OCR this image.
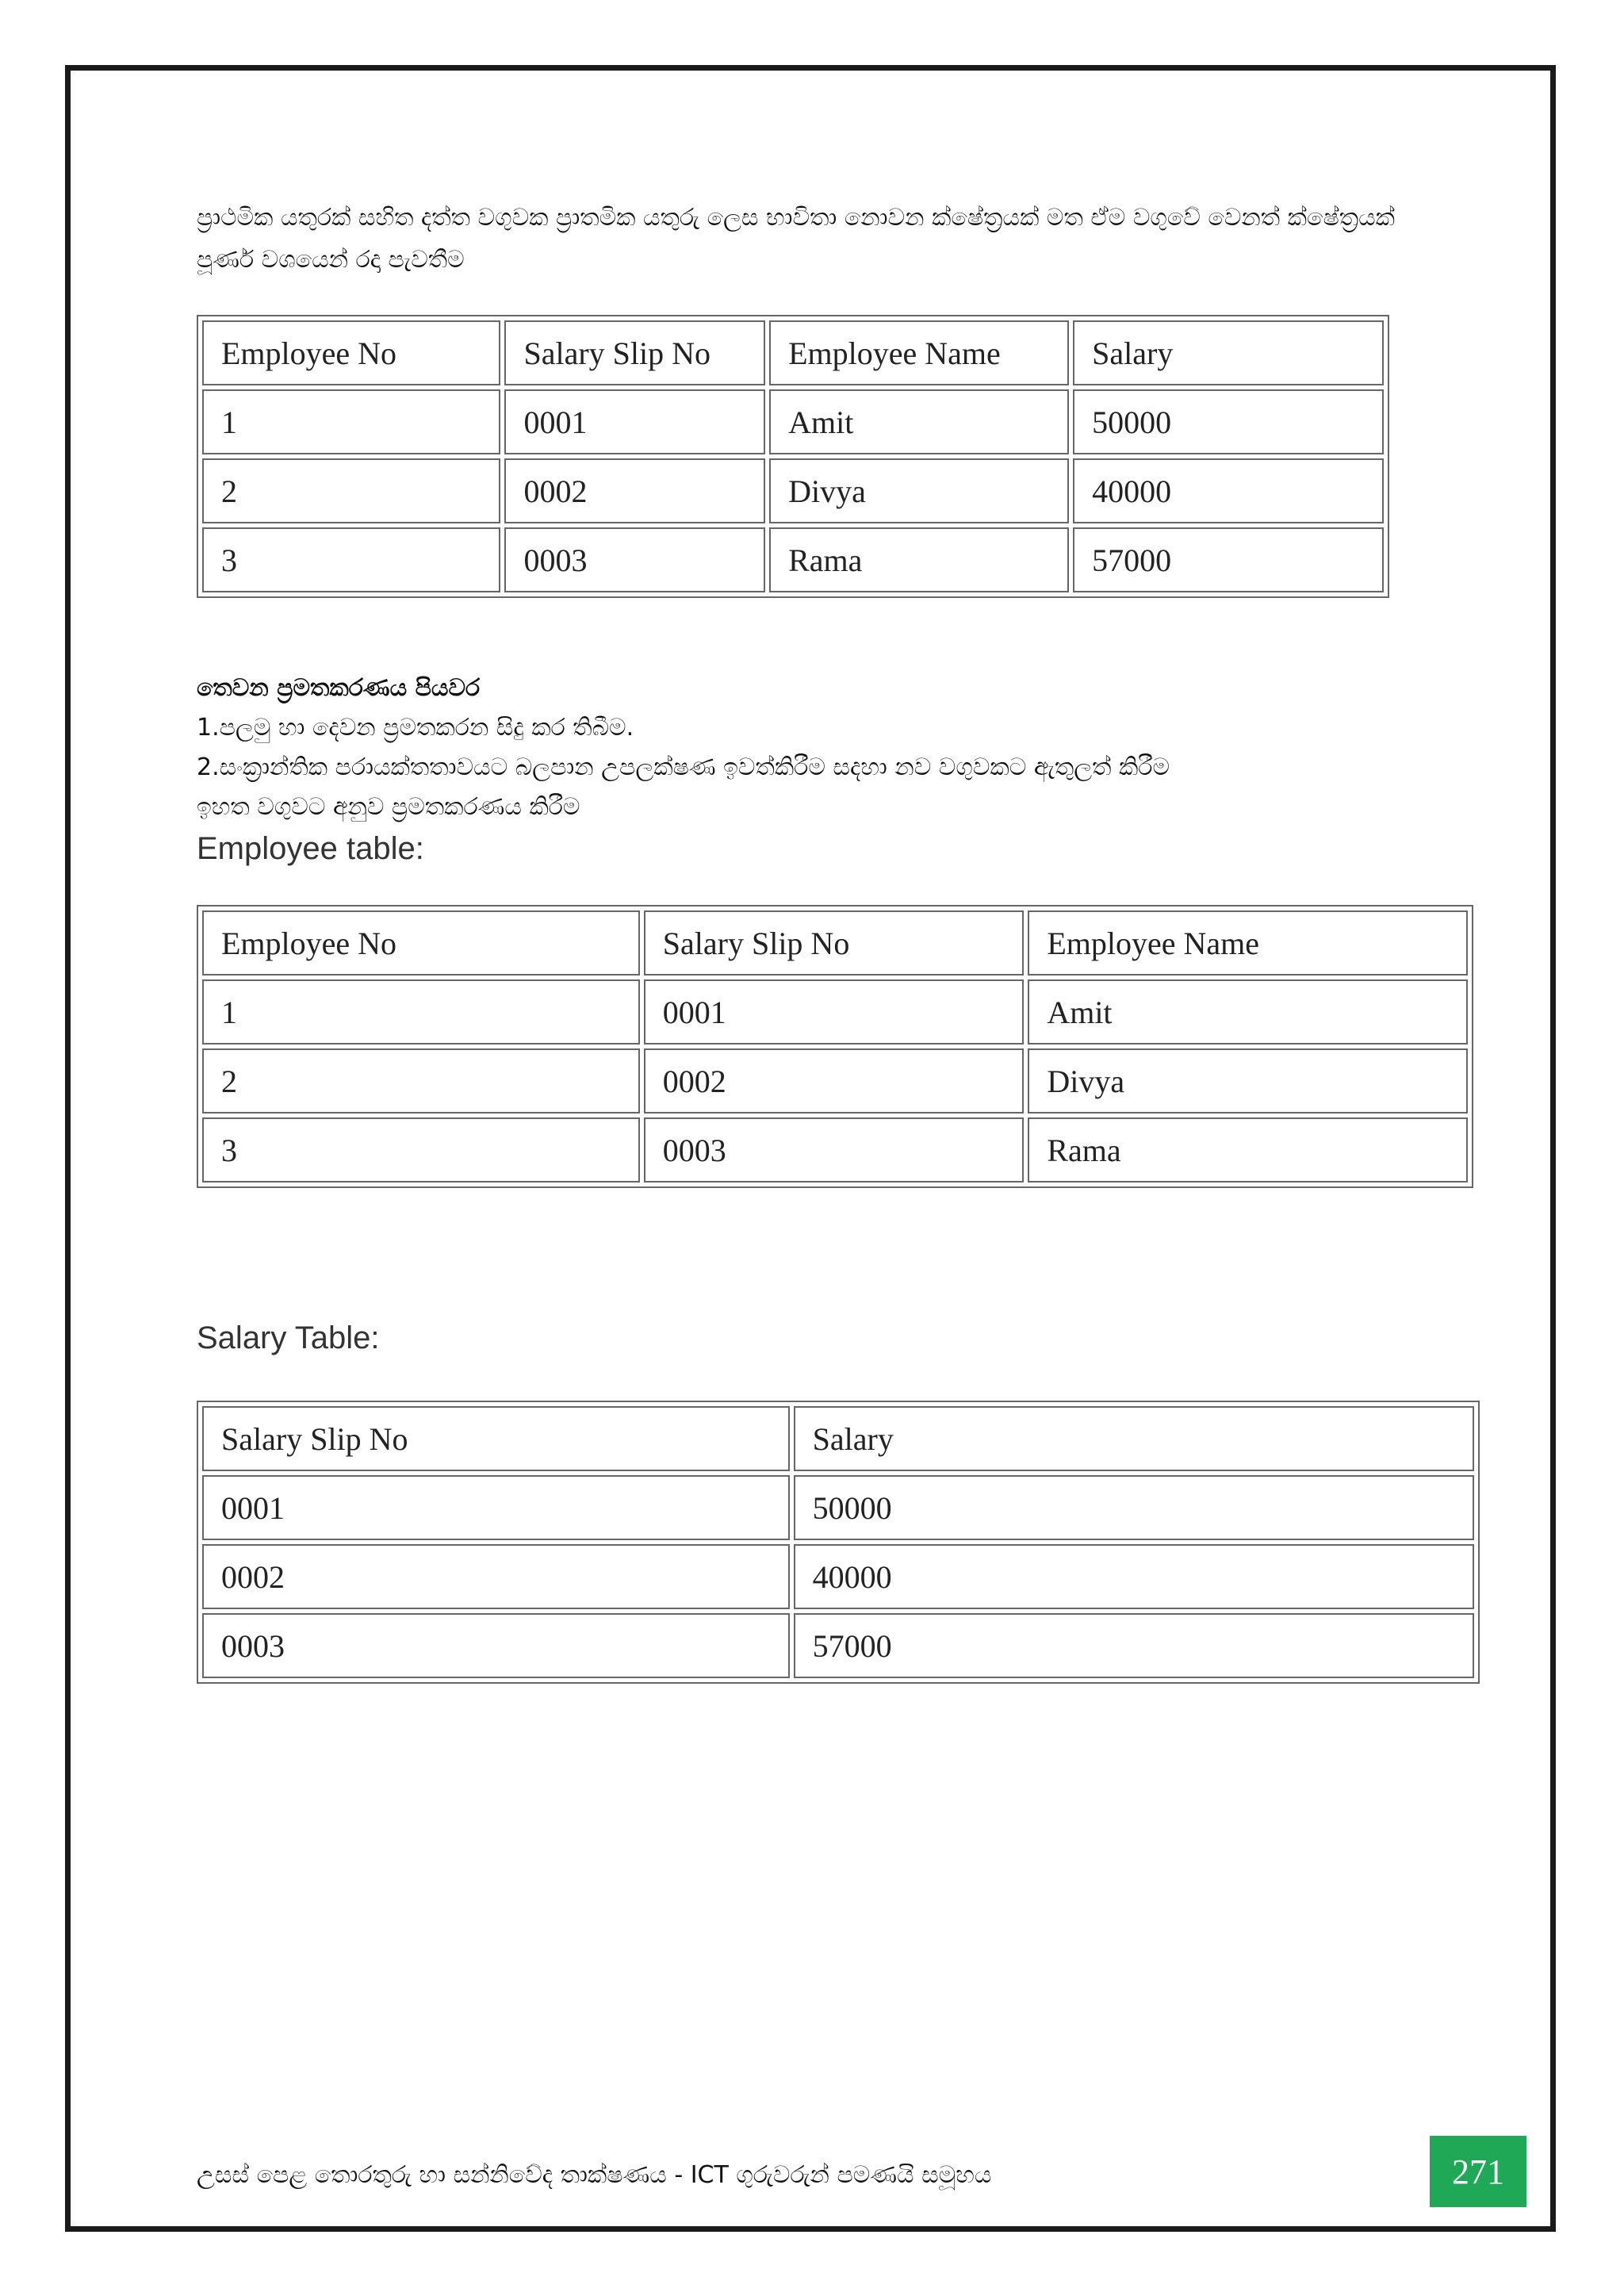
ප්‍රාථමික යතුරක් සහිත දත්ත වගුවක ප්‍රාතමික යතුරු ලෙස භාවිතා නොවන ක්ෂේත්‍රයක් මත ඒම වගුවේ වෙනත් ක්ෂේත්‍රයක් පූර්ණ වශයෙන් රදා පැවතීම

Employee No	Salary Slip No	Employee Name	Salary
1	0001	Amit	50000
2	0002	Divya	40000
3	0003	Rama	57000

තෙවන ප්‍රමතකරණය පියවර

1.පලමු හා දෙවන ප්‍රමතකරන සිදු කර තිබීම.

2.සංක්‍රාන්තික පරායක්තතාවයට බලපාන උපලක්ෂණ ඉවත්කිරීම සදහා නව වගුවකට ඇතුලත් කිරීම

ඉහත වගුවට අනුව ප්‍රමතකරණය කිරීම

Employee table:

Employee No	Salary Slip No	Employee Name
1	0001	Amit
2	0002	Divya
3	0003	Rama

Salary Table:

Salary Slip No	Salary
0001	50000
0002	40000
0003	57000
උසස් පෙළ තොරතුරු හා සන්නිවේද තාක්ෂණය - ICT ගුරුවරුන් පමණයි සමූහය	271
